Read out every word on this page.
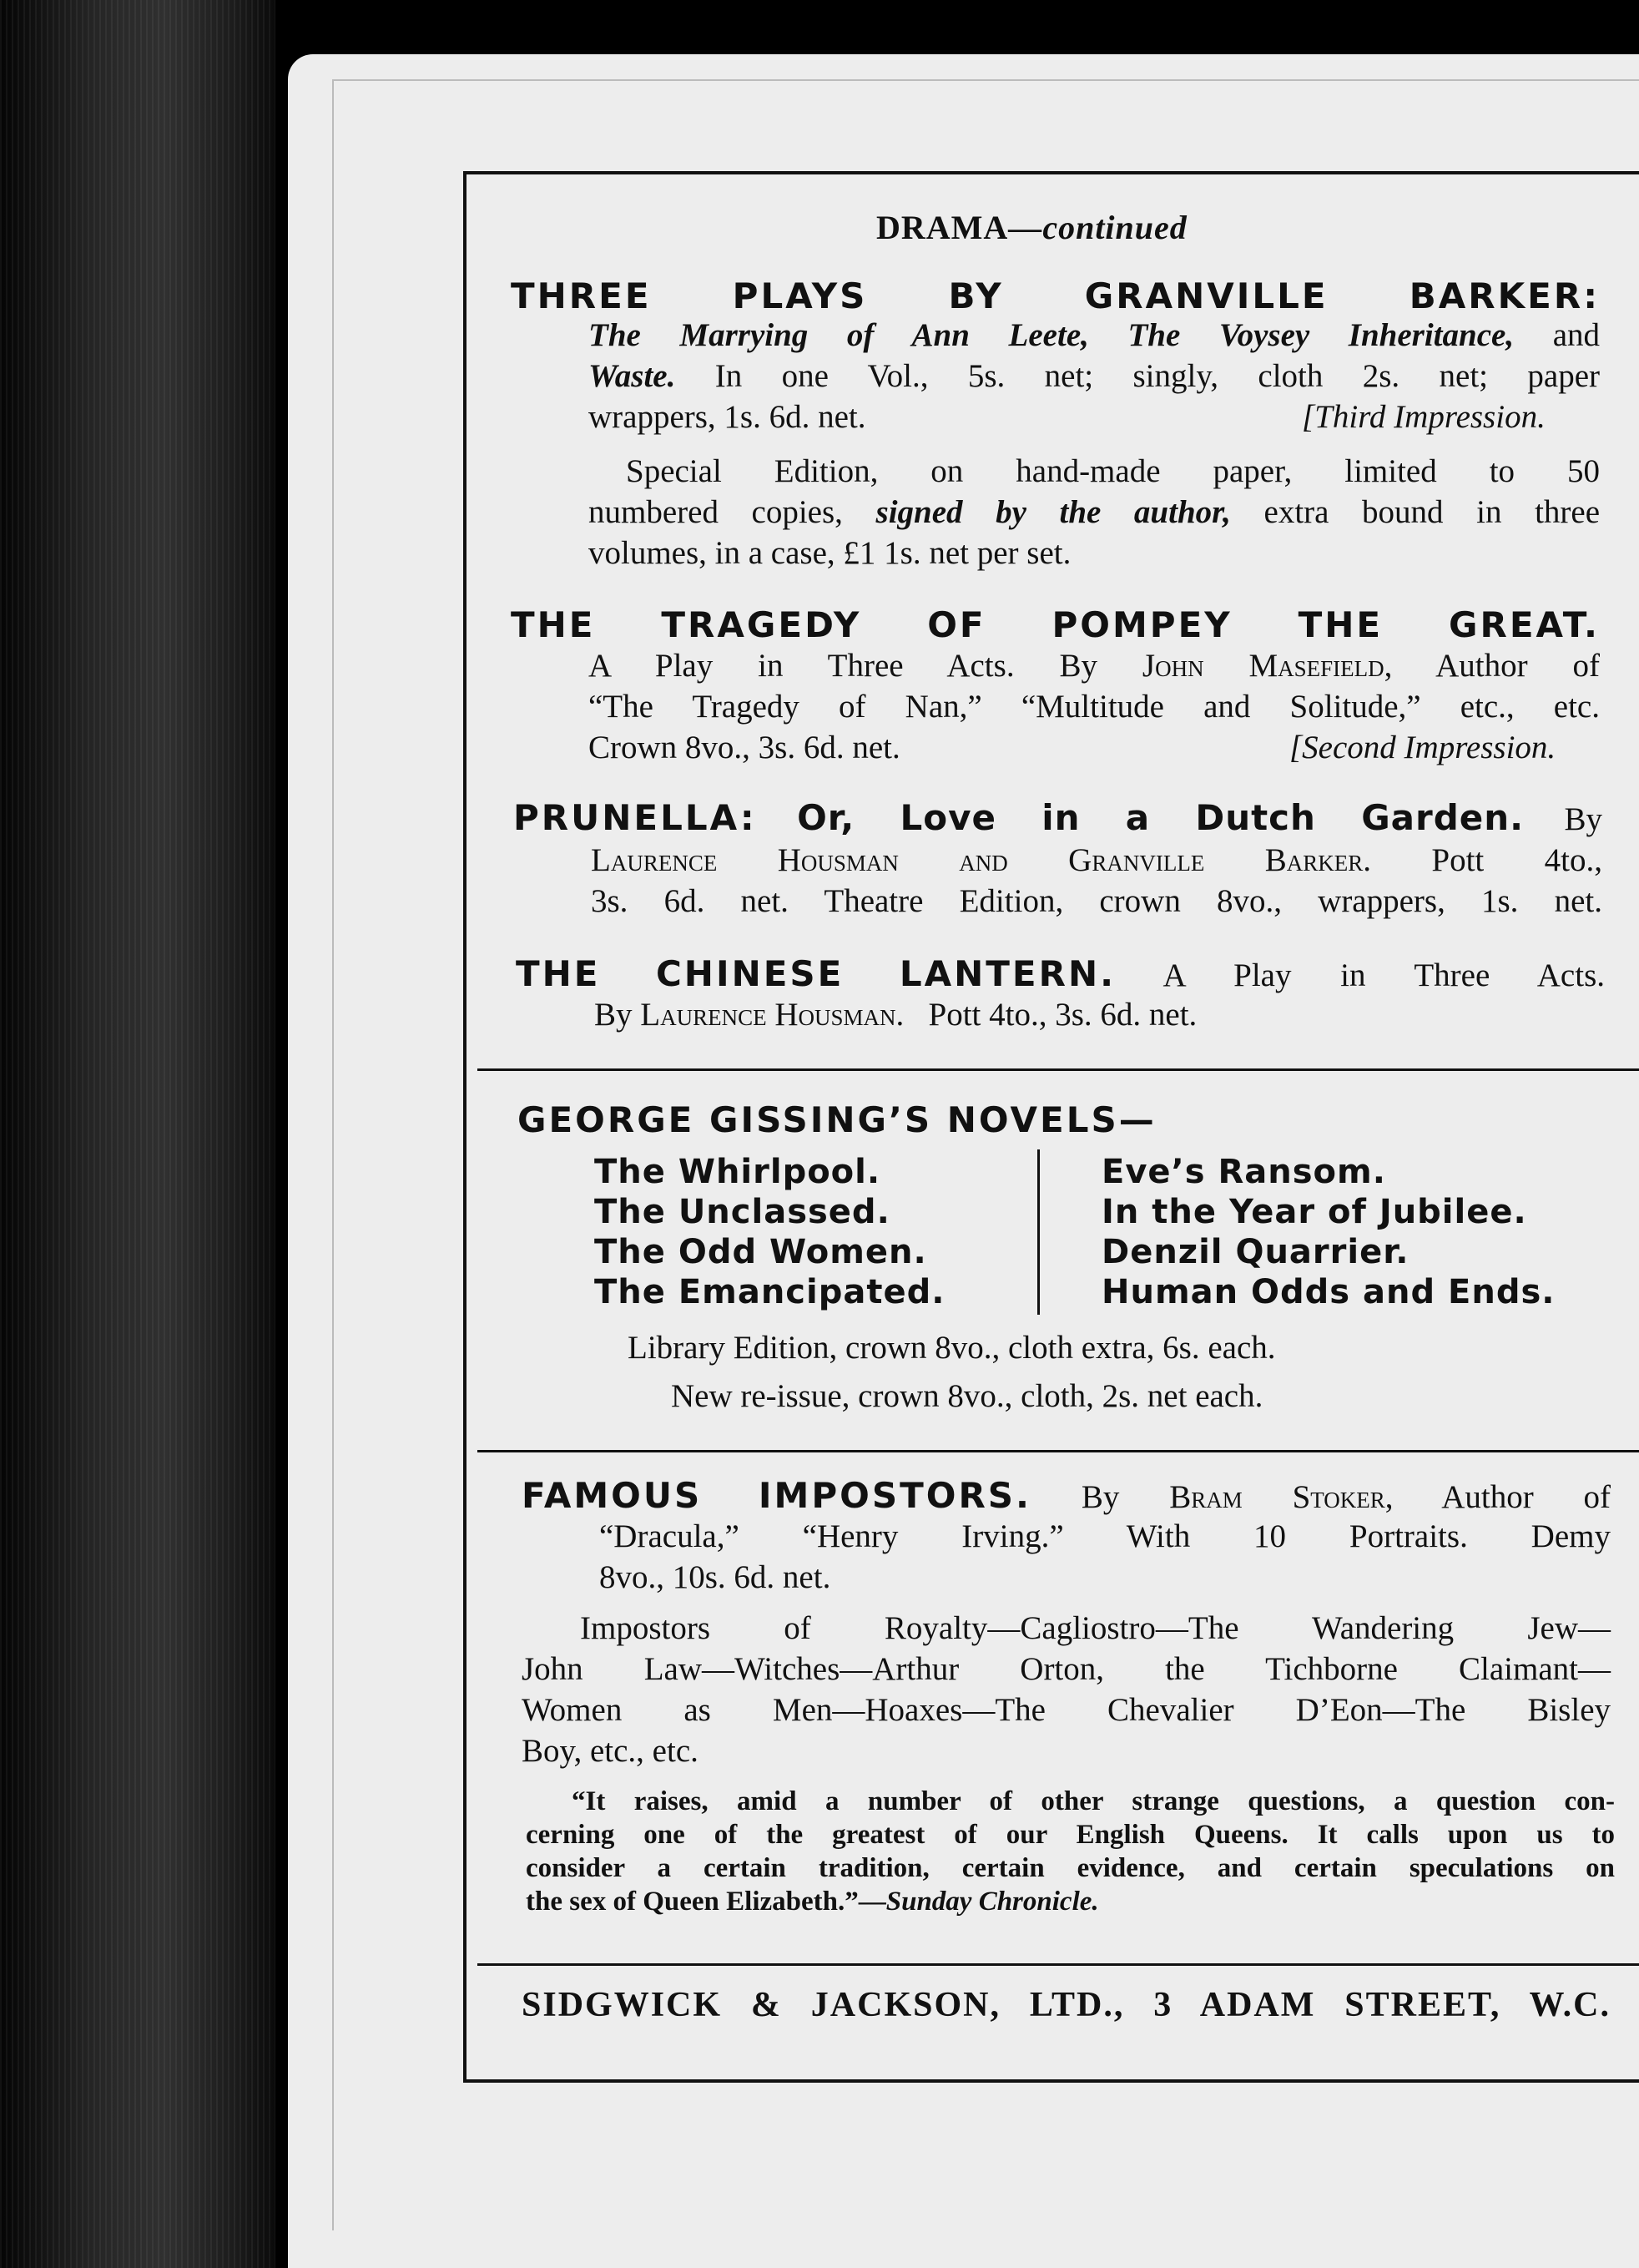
DRAMA—continued
THREE PLAYS BY GRANVILLE BARKER:
The Marrying of Ann Leete, The Voysey Inheritance, and
Waste. In one Vol., 5s. net; singly, cloth 2s. net; paper
wrappers, 1s. 6d. net.	[Third Impression.
Special Edition, on hand-made paper, limited to 50
numbered copies, signed by the author, extra bound in three
volumes, in a case, £1 1s. net per set.
THE TRAGEDY OF POMPEY THE GREAT.
A Play in Three Acts. By John Masefield, Author of
“The Tragedy of Nan,” “Multitude and Solitude,” etc., etc.
Crown 8vo., 3s. 6d. net.	[Second Impression.
PRUNELLA: Or, Love in a Dutch Garden. By
Laurence Housman and Granville Barker. Pott 4to.,
3s. 6d. net. Theatre Edition, crown 8vo., wrappers, 1s. net.
THE CHINESE LANTERN. A Play in Three Acts.
By Laurence Housman. Pott 4to., 3s. 6d. net.
GEORGE GISSING’S NOVELS—
The Whirlpool.
The Unclassed.
The Odd Women.
The Emancipated.
Eve’s Ransom.
In the Year of Jubilee.
Denzil Quarrier.
Human Odds and Ends.
Library Edition, crown 8vo., cloth extra, 6s. each.
New re-issue, crown 8vo., cloth, 2s. net each.
FAMOUS IMPOSTORS. By Bram Stoker, Author of
“Dracula,” “Henry Irving.” With 10 Portraits. Demy
8vo., 10s. 6d. net.
Impostors of Royalty—Cagliostro—The Wandering Jew—
John Law—Witches—Arthur Orton, the Tichborne Claimant—
Women as Men—Hoaxes—The Chevalier D’Eon—The Bisley
Boy, etc., etc.
“It raises, amid a number of other strange questions, a question con-
cerning one of the greatest of our English Queens. It calls upon us to
consider a certain tradition, certain evidence, and certain speculations on
the sex of Queen Elizabeth.”—Sunday Chronicle.
SIDGWICK & JACKSON, LTD., 3 ADAM STREET, W.C.
